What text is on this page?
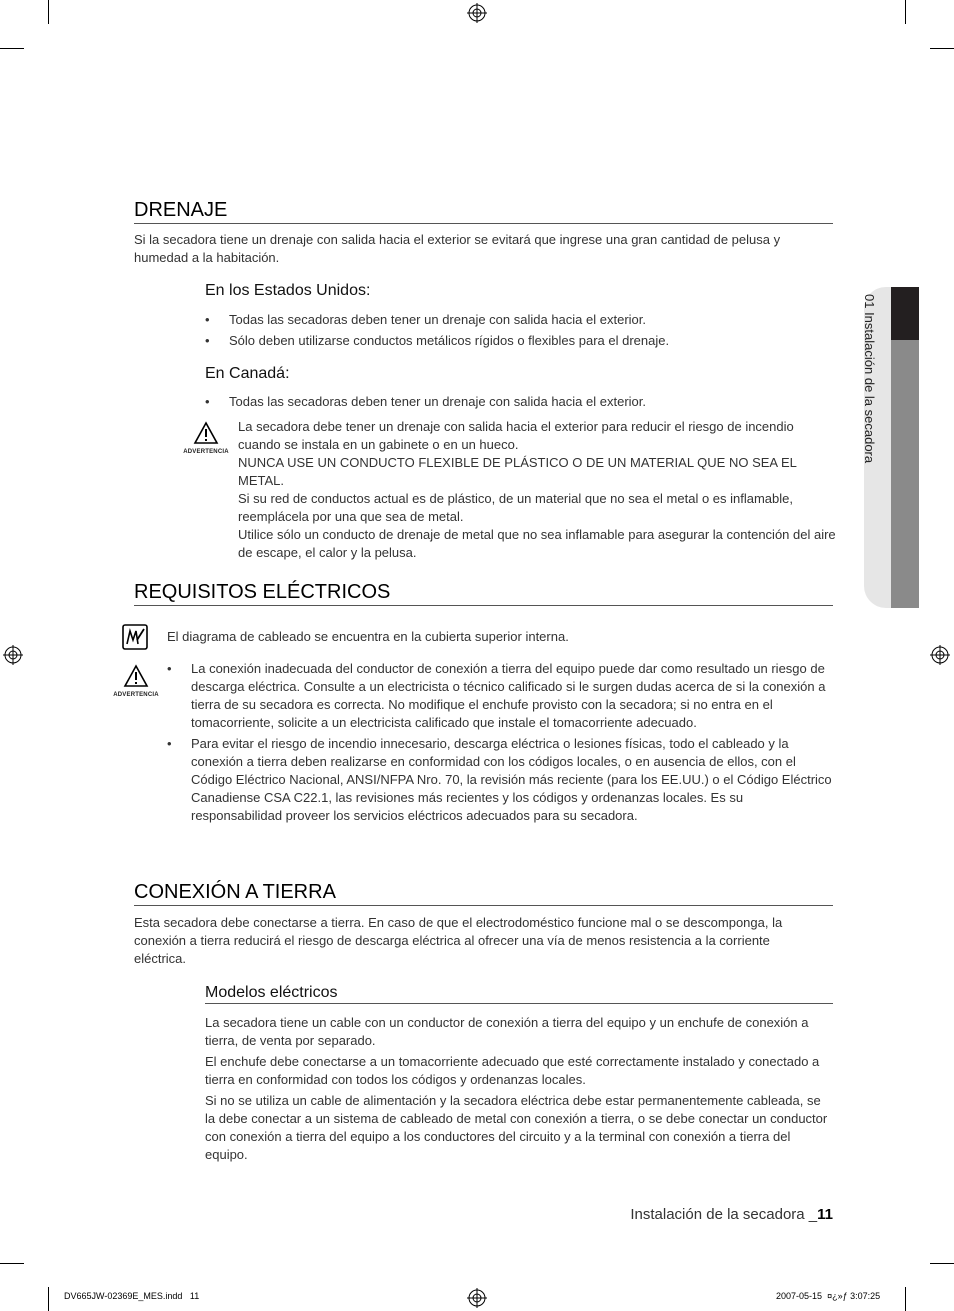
01 Instalación de la secadora
DRENAJE

Si la secadora tiene un drenaje con salida hacia el exterior se evitará que ingrese una gran cantidad de pelusa y humedad a la habitación.

En los Estados Unidos:
• Todas las secadoras deben tener un drenaje con salida hacia el exterior.
• Sólo deben utilizarse conductos metálicos rígidos o flexibles para el drenaje.
En Canadá:
• Todas las secadoras deben tener un drenaje con salida hacia el exterior.
ADVERTENCIA
La secadora debe tener un drenaje con salida hacia el exterior para reducir el riesgo de incendio cuando se instala en un gabinete o en un hueco.
NUNCA USE UN CONDUCTO FLEXIBLE DE PLÁSTICO O DE UN MATERIAL QUE NO SEA EL METAL.
Si su red de conductos actual es de plástico, de un material que no sea el metal o es inflamable, reemplácela por una que sea de metal.
Utilice sólo un conducto de drenaje de metal que no sea inflamable para asegurar la contención del aire de escape, el calor y la pelusa.
REQUISITOS ELÉCTRICOS

El diagrama de cableado se encuentra en la cubierta superior interna.

ADVERTENCIA
• La conexión inadecuada del conductor de conexión a tierra del equipo puede dar como resultado un riesgo de descarga eléctrica. Consulte a un electricista o técnico calificado si le surgen dudas acerca de si la conexión a tierra de su secadora es correcta. No modifique el enchufe provisto con la secadora; si no entra en el tomacorriente, solicite a un electricista calificado que instale el tomacorriente adecuado.
• Para evitar el riesgo de incendio innecesario, descarga eléctrica o lesiones físicas, todo el cableado y la conexión a tierra deben realizarse en conformidad con los códigos locales, o en ausencia de ellos, con el Código Eléctrico Nacional, ANSI/NFPA Nro. 70, la revisión más reciente (para los EE.UU.) o el Código Eléctrico Canadiense CSA C22.1, las revisiones más recientes y los códigos y ordenanzas locales. Es su responsabilidad proveer los servicios eléctricos adecuados para su secadora.
CONEXIÓN A TIERRA

Esta secadora debe conectarse a tierra. En caso de que el electrodoméstico funcione mal o se descomponga, la conexión a tierra reducirá el riesgo de descarga eléctrica al ofrecer una vía de menos resistencia a la corriente eléctrica.

Modelos eléctricos

La secadora tiene un cable con un conductor de conexión a tierra del equipo y un enchufe de conexión a tierra, de venta por separado.

El enchufe debe conectarse a un tomacorriente adecuado que esté correctamente instalado y conectado a tierra en conformidad con todos los códigos y ordenanzas locales.

Si no se utiliza un cable de alimentación y la secadora eléctrica debe estar permanentemente cableada, se la debe conectar a un sistema de cableado de metal con conexión a tierra, o se debe conectar un conductor con conexión a tierra del equipo a los conductores del circuito y a la terminal con conexión a tierra del equipo.

Instalación de la secadora _11
DV665JW-02369E_MES.indd   11	2007-05-15 ¤¿»ƒ 3:07:25
